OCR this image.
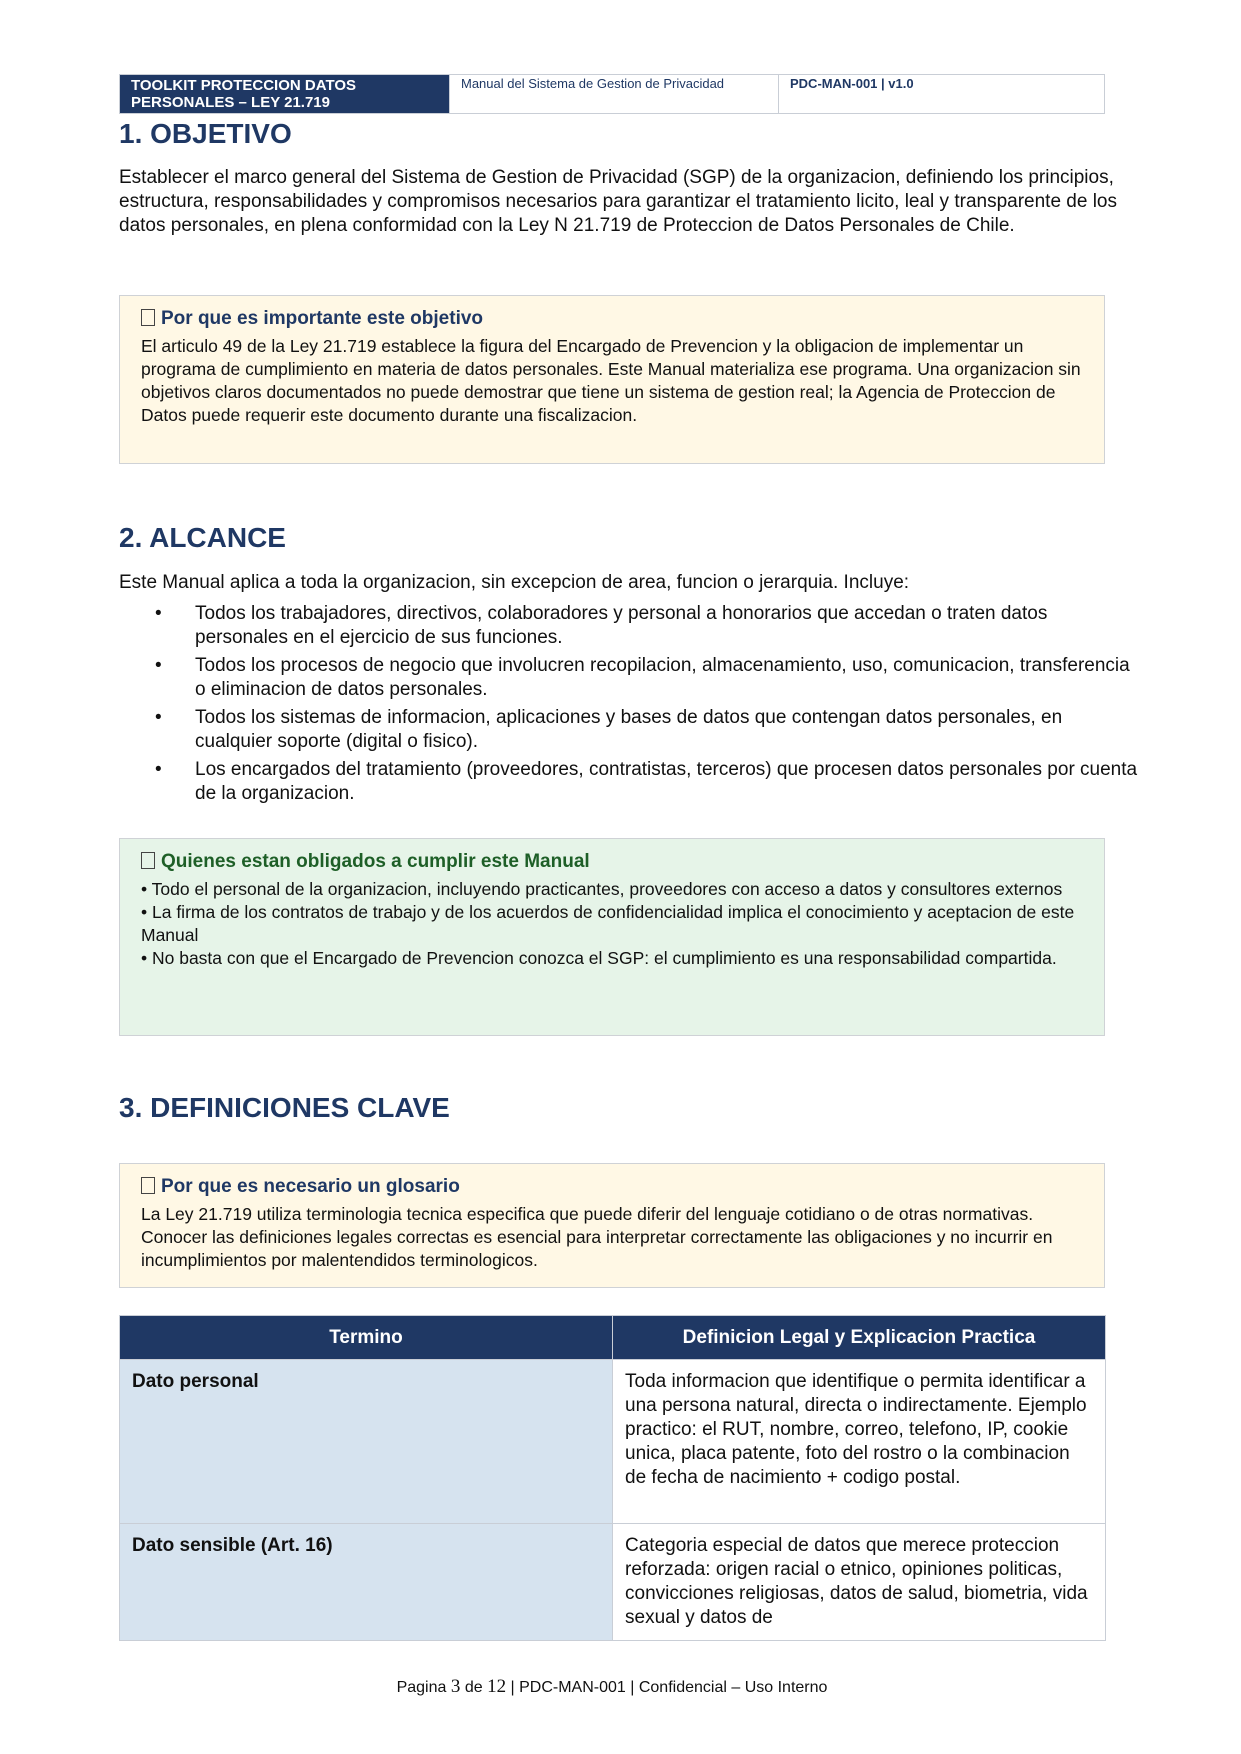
TOOLKIT PROTECCION DATOS PERSONALES – LEY 21.719
Manual del Sistema de Gestion de Privacidad	PDC-MAN-001 | v1.0
1. OBJETIVO

Establecer el marco general del Sistema de Gestion de Privacidad (SGP) de la organizacion, definiendo los principios, estructura, responsabilidades y compromisos necesarios para garantizar el tratamiento licito, leal y transparente de los datos personales, en plena conformidad con la Ley N 21.719 de Proteccion de Datos Personales de Chile.

Por que es importante este objetivo
El articulo 49 de la Ley 21.719 establece la figura del Encargado de Prevencion y la obligacion de implementar un programa de cumplimiento en materia de datos personales. Este Manual materializa ese programa. Una organizacion sin objetivos claros documentados no puede demostrar que tiene un sistema de gestion real; la Agencia de Proteccion de Datos puede requerir este documento durante una fiscalizacion.
2. ALCANCE

Este Manual aplica a toda la organizacion, sin excepcion de area, funcion o jerarquia. Incluye:

• Todos los trabajadores, directivos, colaboradores y personal a honorarios que accedan o traten datos personales en el ejercicio de sus funciones.
• Todos los procesos de negocio que involucren recopilacion, almacenamiento, uso, comunicacion, transferencia o eliminacion de datos personales.
• Todos los sistemas de informacion, aplicaciones y bases de datos que contengan datos personales, en cualquier soporte (digital o fisico).
• Los encargados del tratamiento (proveedores, contratistas, terceros) que procesen datos personales por cuenta de la organizacion.
Quienes estan obligados a cumplir este Manual
• Todo el personal de la organizacion, incluyendo practicantes, proveedores con acceso a datos y consultores externos
• La firma de los contratos de trabajo y de los acuerdos de confidencialidad implica el conocimiento y aceptacion de este Manual
• No basta con que el Encargado de Prevencion conozca el SGP: el cumplimiento es una responsabilidad compartida.
3. DEFINICIONES CLAVE
Por que es necesario un glosario
La Ley 21.719 utiliza terminologia tecnica especifica que puede diferir del lenguaje cotidiano o de otras normativas. Conocer las definiciones legales correctas es esencial para interpretar correctamente las obligaciones y no incurrir en incumplimientos por malentendidos terminologicos.
Termino	Definicion Legal y Explicacion Practica
Dato personal	Toda informacion que identifique o permita identificar a una persona natural, directa o indirectamente. Ejemplo practico: el RUT, nombre, correo, telefono, IP, cookie unica, placa patente, foto del rostro o la combinacion de fecha de nacimiento + codigo postal.
Dato sensible (Art. 16)	Categoria especial de datos que merece proteccion reforzada: origen racial o etnico, opiniones politicas, convicciones religiosas, datos de salud, biometria, vida sexual y datos de
Pagina 3 de 12 | PDC-MAN-001 | Confidencial – Uso Interno
